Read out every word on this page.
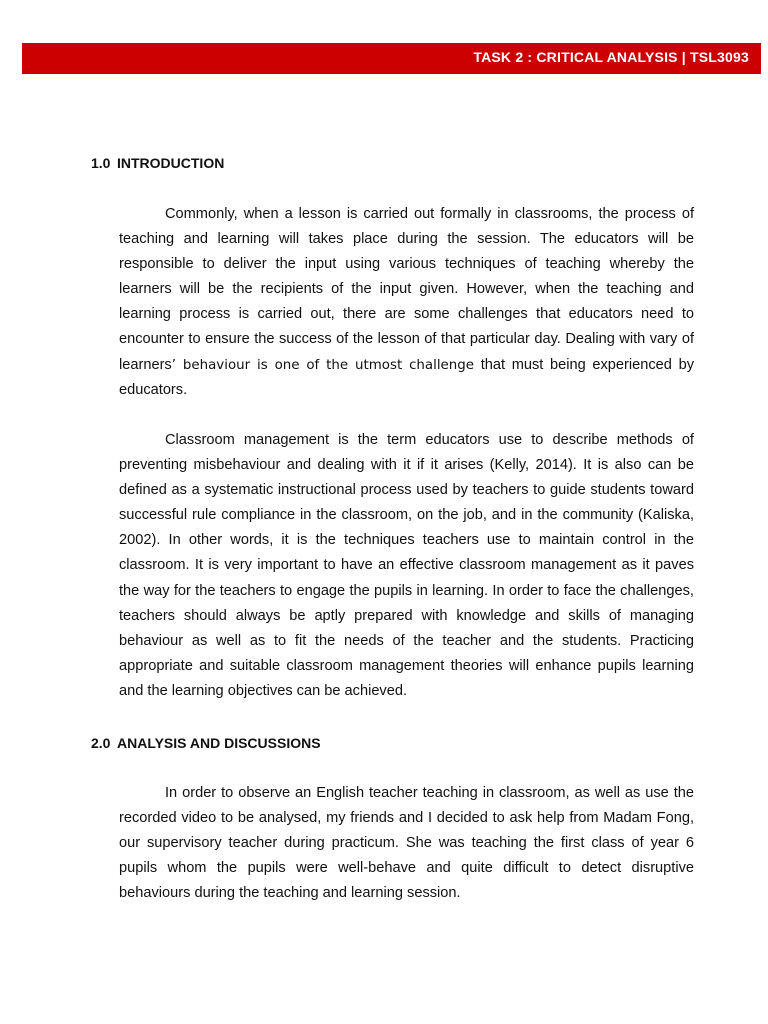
TASK 2 : CRITICAL ANALYSIS | TSL3093
1.0 INTRODUCTION

Commonly, when a lesson is carried out formally in classrooms, the process of teaching and learning will takes place during the session. The educators will be responsible to deliver the input using various techniques of teaching whereby the learners will be the recipients of the input given. However, when the teaching and learning process is carried out, there are some challenges that educators need to encounter to ensure the success of the lesson of that particular day. Dealing with vary of learners’ behaviour is one of the utmost challenge that must being experienced by educators.

Classroom management is the term educators use to describe methods of preventing misbehaviour and dealing with it if it arises (Kelly, 2014). It is also can be defined as a systematic instructional process used by teachers to guide students toward successful rule compliance in the classroom, on the job, and in the community (Kaliska, 2002). In other words, it is the techniques teachers use to maintain control in the classroom. It is very important to have an effective classroom management as it paves the way for the teachers to engage the pupils in learning. In order to face the challenges, teachers should always be aptly prepared with knowledge and skills of managing behaviour as well as to fit the needs of the teacher and the students. Practicing appropriate and suitable classroom management theories will enhance pupils learning and the learning objectives can be achieved.

2.0 ANALYSIS AND DISCUSSIONS

In order to observe an English teacher teaching in classroom, as well as use the recorded video to be analysed, my friends and I decided to ask help from Madam Fong, our supervisory teacher during practicum. She was teaching the first class of year 6 pupils whom the pupils were well-behave and quite difficult to detect disruptive behaviours during the teaching and learning session.
